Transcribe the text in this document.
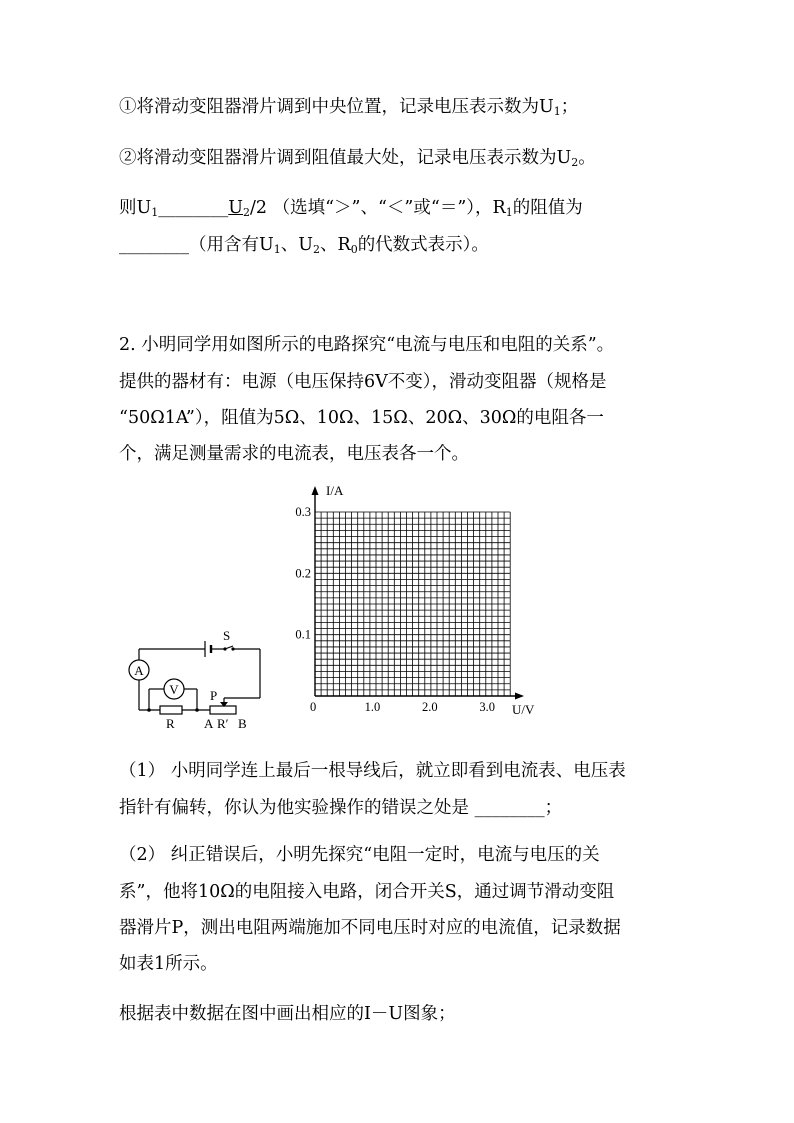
①将滑动变阻器滑片调到中央位置，记录电压表示数为$U_1$；
②将滑动变阻器滑片调到阻值最大处，记录电压表示数为$U_2$。
则$U_1\_\_\_\_\_\_\_\_U_2/2$ （选填“＞”、“＜”或“＝”），$R_1$的阻值为
________（用含有$U_1$、$U_2$、$R_0$的代数式表示）。
2. 小明同学用如图所示的电路探究“电流与电压和电阻的关系”。
提供的器材有：电源（电压保持6V不变），滑动变阻器（规格是
“50Ω1A”），阻值为5Ω、10Ω、15Ω、20Ω、30Ω的电阻各一
个，满足测量需求的电流表，电压表各一个。
A
V
S
P
R A R′ B
I/A
U/V
0
0.1
0.2
0.3
1.0	2.0	3.0
（1） 小明同学连上最后一根导线后，就立即看到电流表、电压表
指针有偏转，你认为他实验操作的错误之处是 ________；
（2） 纠正错误后，小明先探究“电阻一定时，电流与电压的关
系”，他将10Ω的电阻接入电路，闭合开关S，通过调节滑动变阻
器滑片P，测出电阻两端施加不同电压时对应的电流值，记录数据
如表1所示。
根据表中数据在图中画出相应的I－U图象；
